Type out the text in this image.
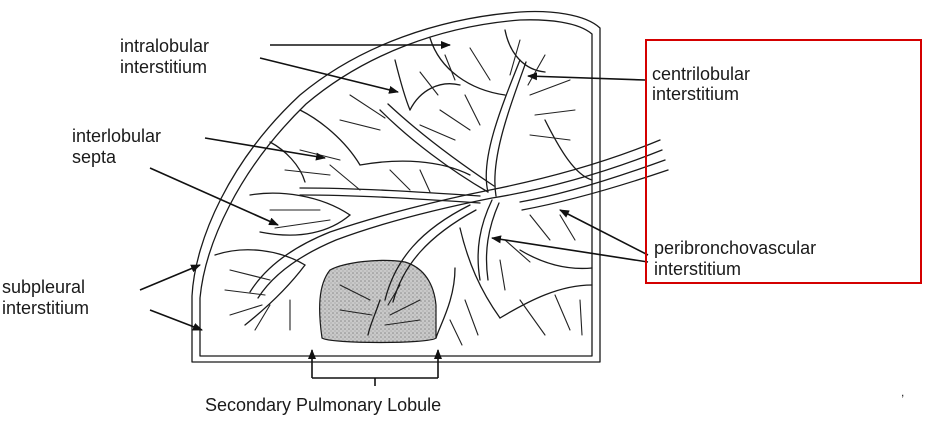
intralobular
interstitium	centrilobular
interstitium
interlobular
septa
peribronchovascular
interstitium
subpleural
interstitium
Secondary Pulmonary Lobule
,
